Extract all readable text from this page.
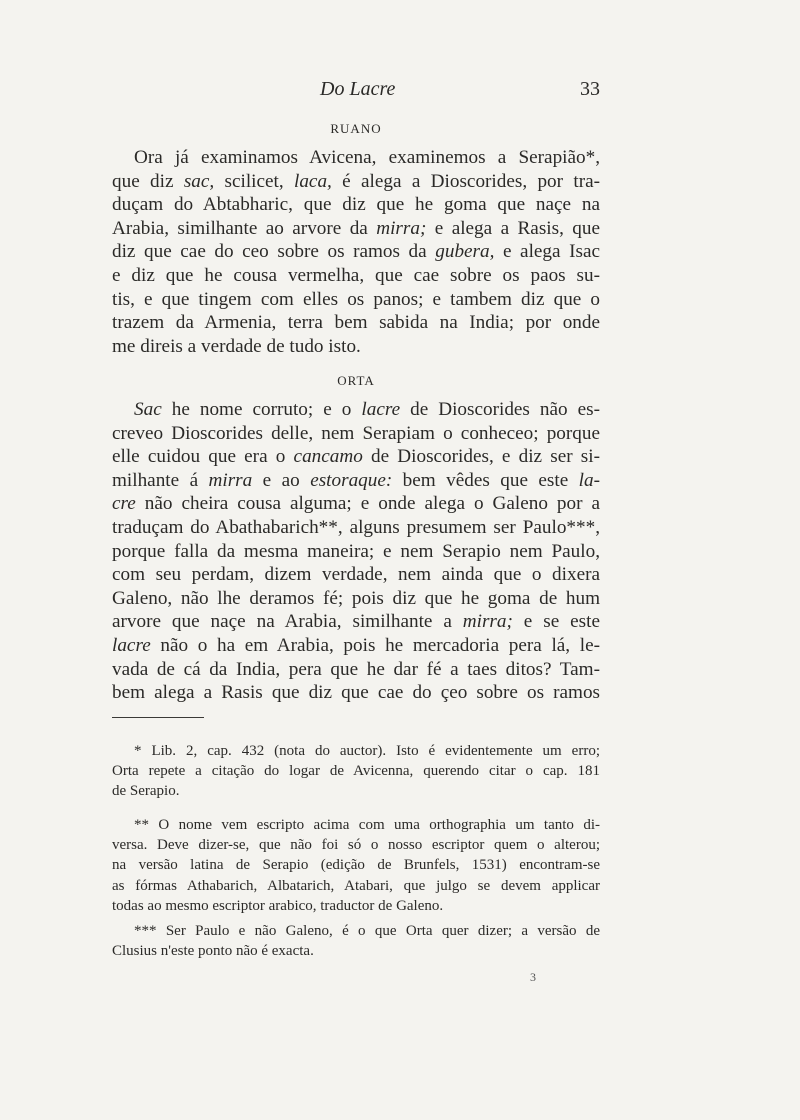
Do Lacre	33
RUANO
Ora já examinamos Avicena, examinemos a Serapião*,
que diz sac, scilicet, laca, é alega a Dioscorides, por tra-
duçam do Abtabharic, que diz que he goma que naçe na
Arabia, similhante ao arvore da mirra; e alega a Rasis, que
diz que cae do ceo sobre os ramos da gubera, e alega Isac
e diz que he cousa vermelha, que cae sobre os paos su-
tis, e que tingem com elles os panos; e tambem diz que o
trazem da Armenia, terra bem sabida na India; por onde
me direis a verdade de tudo isto.
ORTA
Sac he nome corruto; e o lacre de Dioscorides não es-
creveo Dioscorides delle, nem Serapiam o conheceo; porque
elle cuidou que era o cancamo de Dioscorides, e diz ser si-
milhante á mirra e ao estoraque: bem vêdes que este la-
cre não cheira cousa alguma; e onde alega o Galeno por a
traduçam do Abathabarich**, alguns presumem ser Paulo***,
porque falla da mesma maneira; e nem Serapio nem Paulo,
com seu perdam, dizem verdade, nem ainda que o dixera
Galeno, não lhe deramos fé; pois diz que he goma de hum
arvore que naçe na Arabia, similhante a mirra; e se este
lacre não o ha em Arabia, pois he mercadoria pera lá, le-
vada de cá da India, pera que he dar fé a taes ditos? Tam-
bem alega a Rasis que diz que cae do çeo sobre os ramos
* Lib. 2, cap. 432 (nota do auctor). Isto é evidentemente um erro;
Orta repete a citação do logar de Avicenna, querendo citar o cap. 181
de Serapio.
** O nome vem escripto acima com uma orthographia um tanto di-
versa. Deve dizer-se, que não foi só o nosso escriptor quem o alterou;
na versão latina de Serapio (edição de Brunfels, 1531) encontram-se
as fórmas Athabarich, Albatarich, Atabari, que julgo se devem applicar
todas ao mesmo escriptor arabico, traductor de Galeno.
*** Ser Paulo e não Galeno, é o que Orta quer dizer; a versão de
Clusius n'este ponto não é exacta.
3
